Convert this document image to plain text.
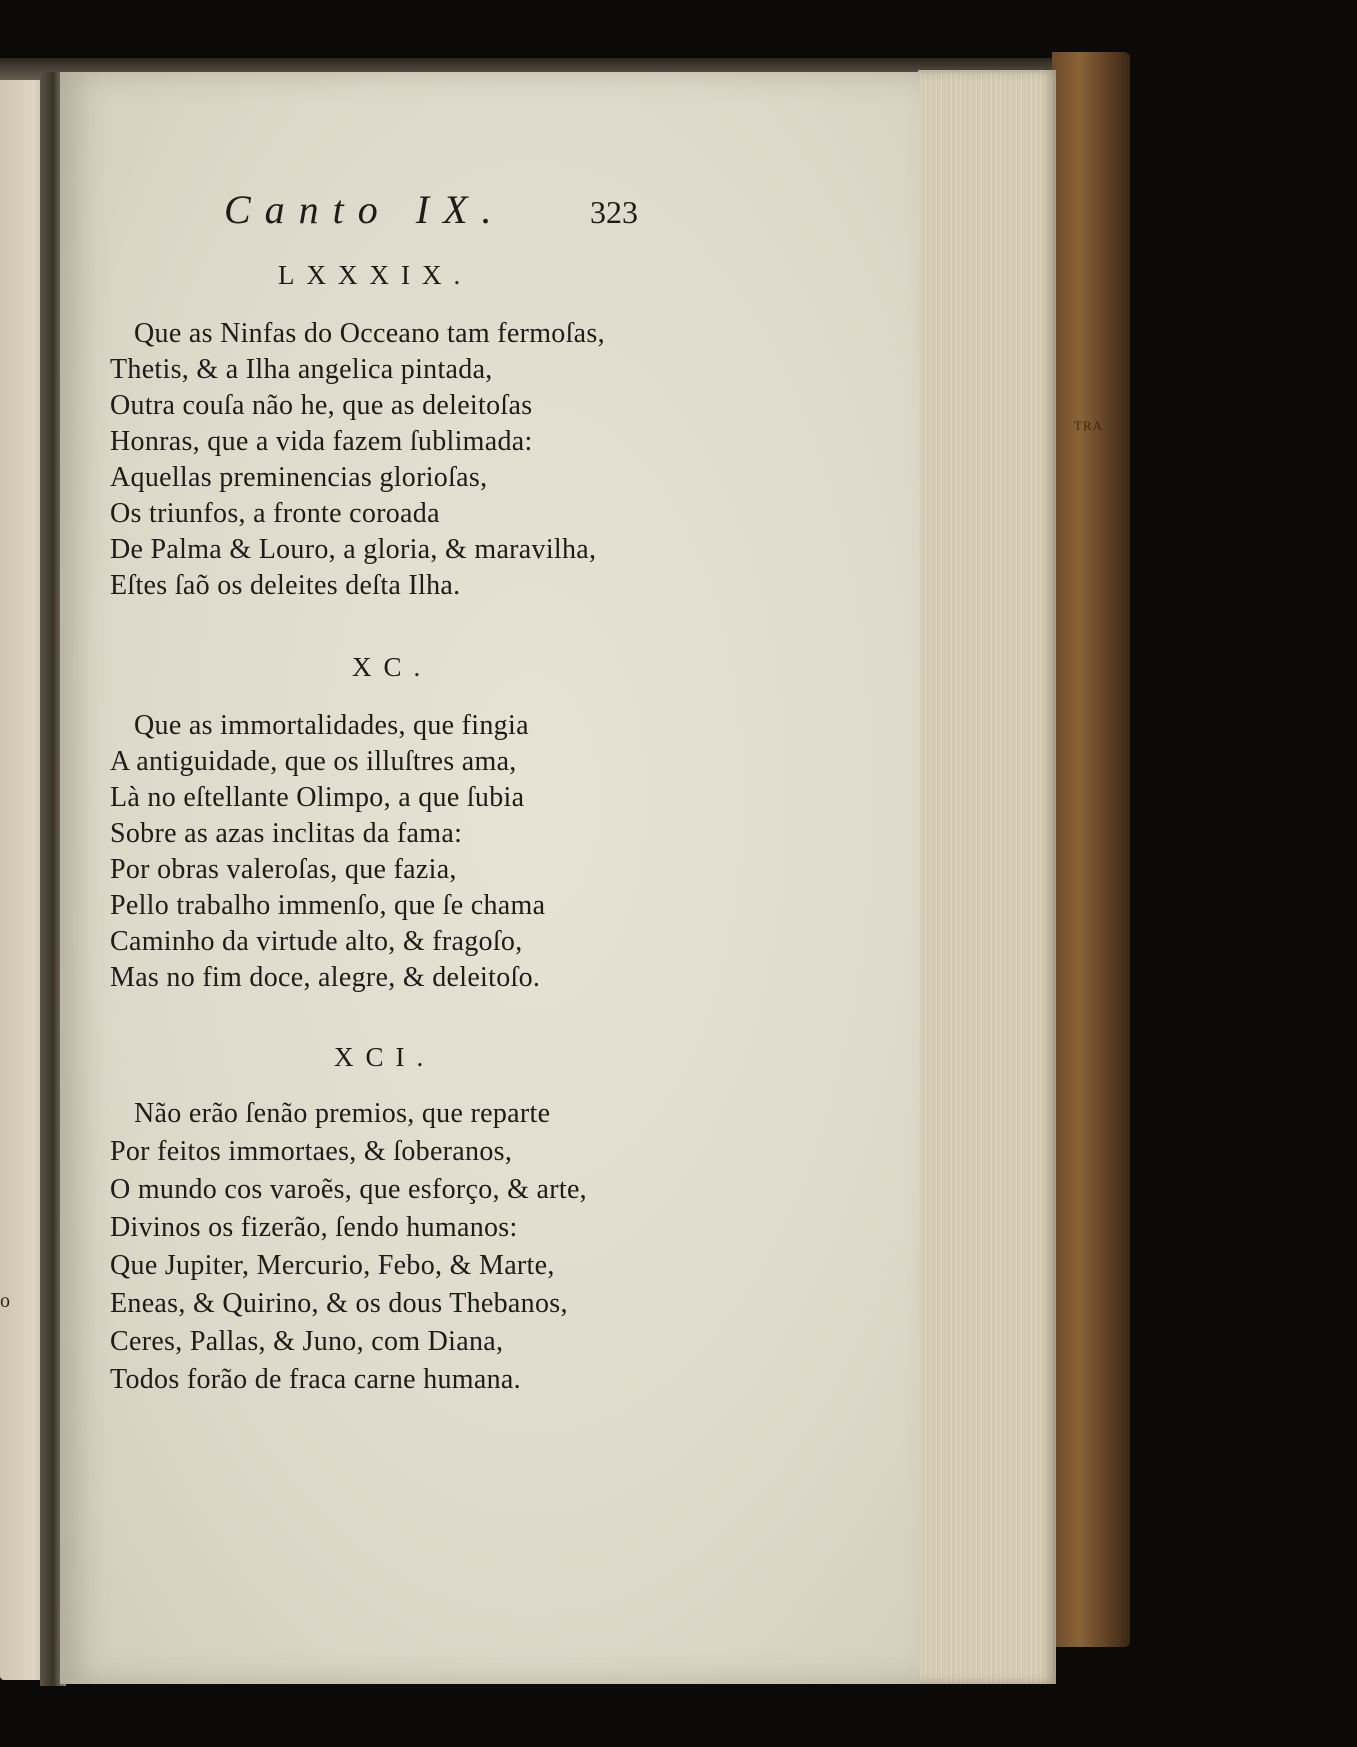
o
TRA
Canto IX.	323
LXXXIX.
Que as Ninfas do Occeano tam fermoſas,
Thetis, & a Ilha angelica pintada,
Outra couſa não he, que as deleitoſas
Honras, que a vida fazem ſublimada:
Aquellas preminencias glorioſas,
Os triunfos, a fronte coroada
De Palma & Louro, a gloria, & maravilha,
Eſtes ſaõ os deleites deſta Ilha.
XC.
Que as immortalidades, que fingia
A antiguidade, que os illuſtres ama,
Là no eſtellante Olimpo, a que ſubia
Sobre as azas inclitas da fama:
Por obras valeroſas, que fazia,
Pello trabalho immenſo, que ſe chama
Caminho da virtude alto, & fragoſo,
Mas no fim doce, alegre, & deleitoſo.
XCI.
Não erão ſenão premios, que reparte
Por feitos immortaes, & ſoberanos,
O mundo cos varoẽs, que esforço, & arte,
Divinos os fizerão, ſendo humanos:
Que Jupiter, Mercurio, Febo, & Marte,
Eneas, & Quirino, & os dous Thebanos,
Ceres, Pallas, & Juno, com Diana,
Todos forão de fraca carne humana.
